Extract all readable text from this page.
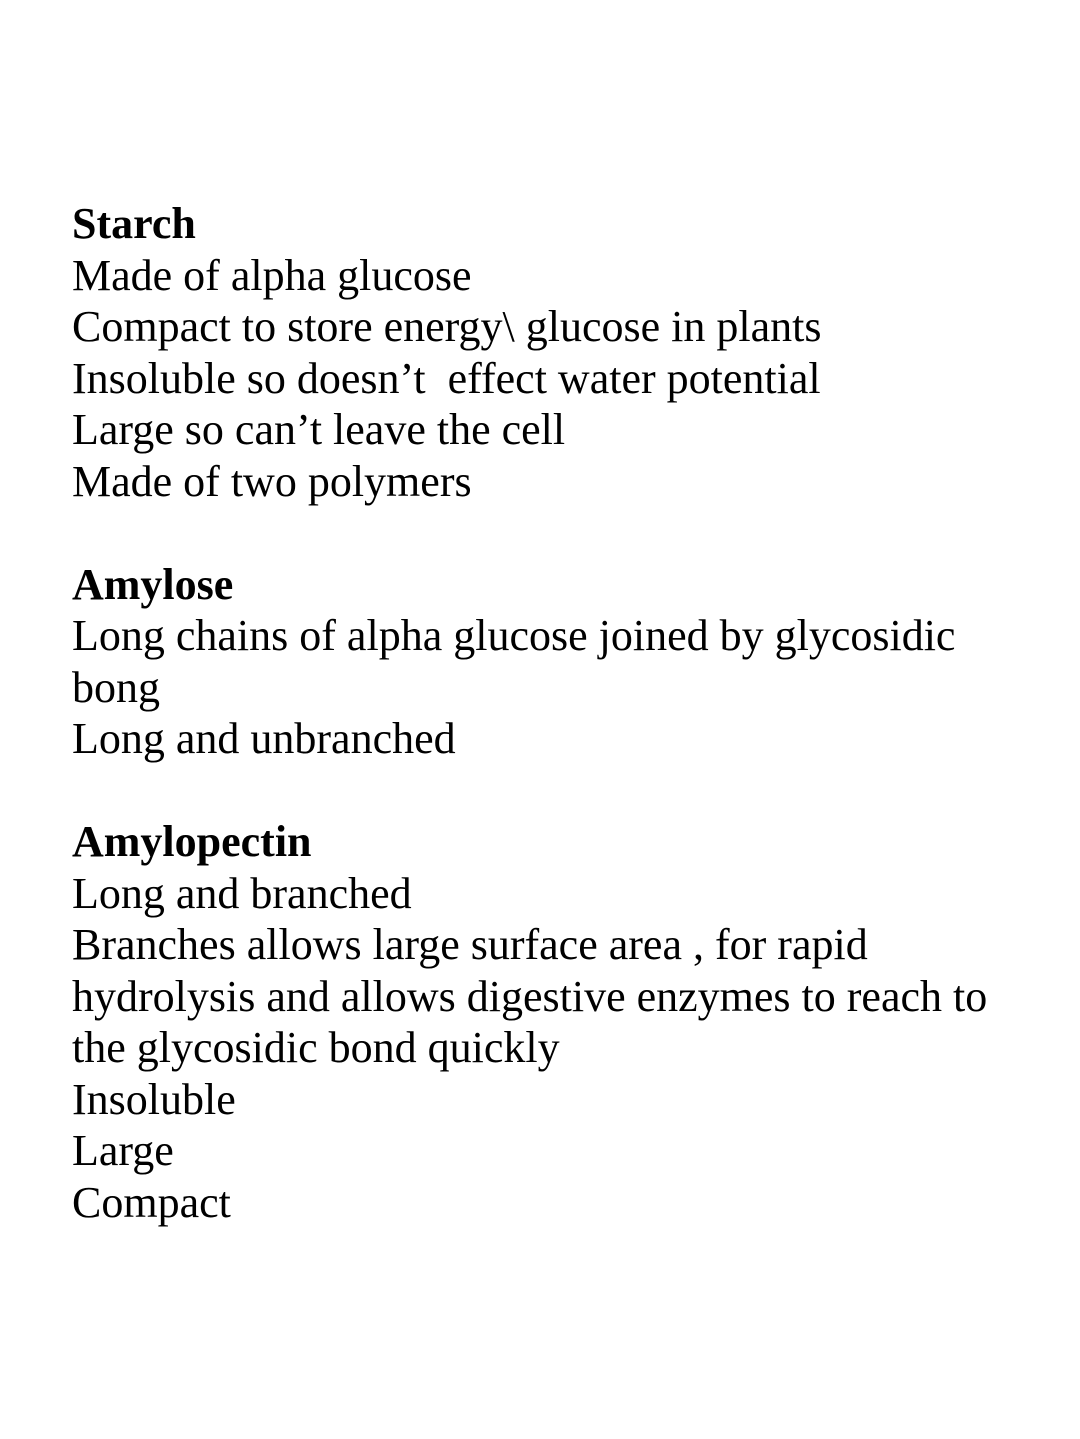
Starch
Made of alpha glucose
Compact to store energy\ glucose in plants
Insoluble so doesn’t  effect water potential
Large so can’t leave the cell
Made of two polymers
Amylose
Long chains of alpha glucose joined by glycosidic
bong
Long and unbranched
Amylopectin
Long and branched
Branches allows large surface area , for rapid
hydrolysis and allows digestive enzymes to reach to
the glycosidic bond quickly
Insoluble
Large
Compact
